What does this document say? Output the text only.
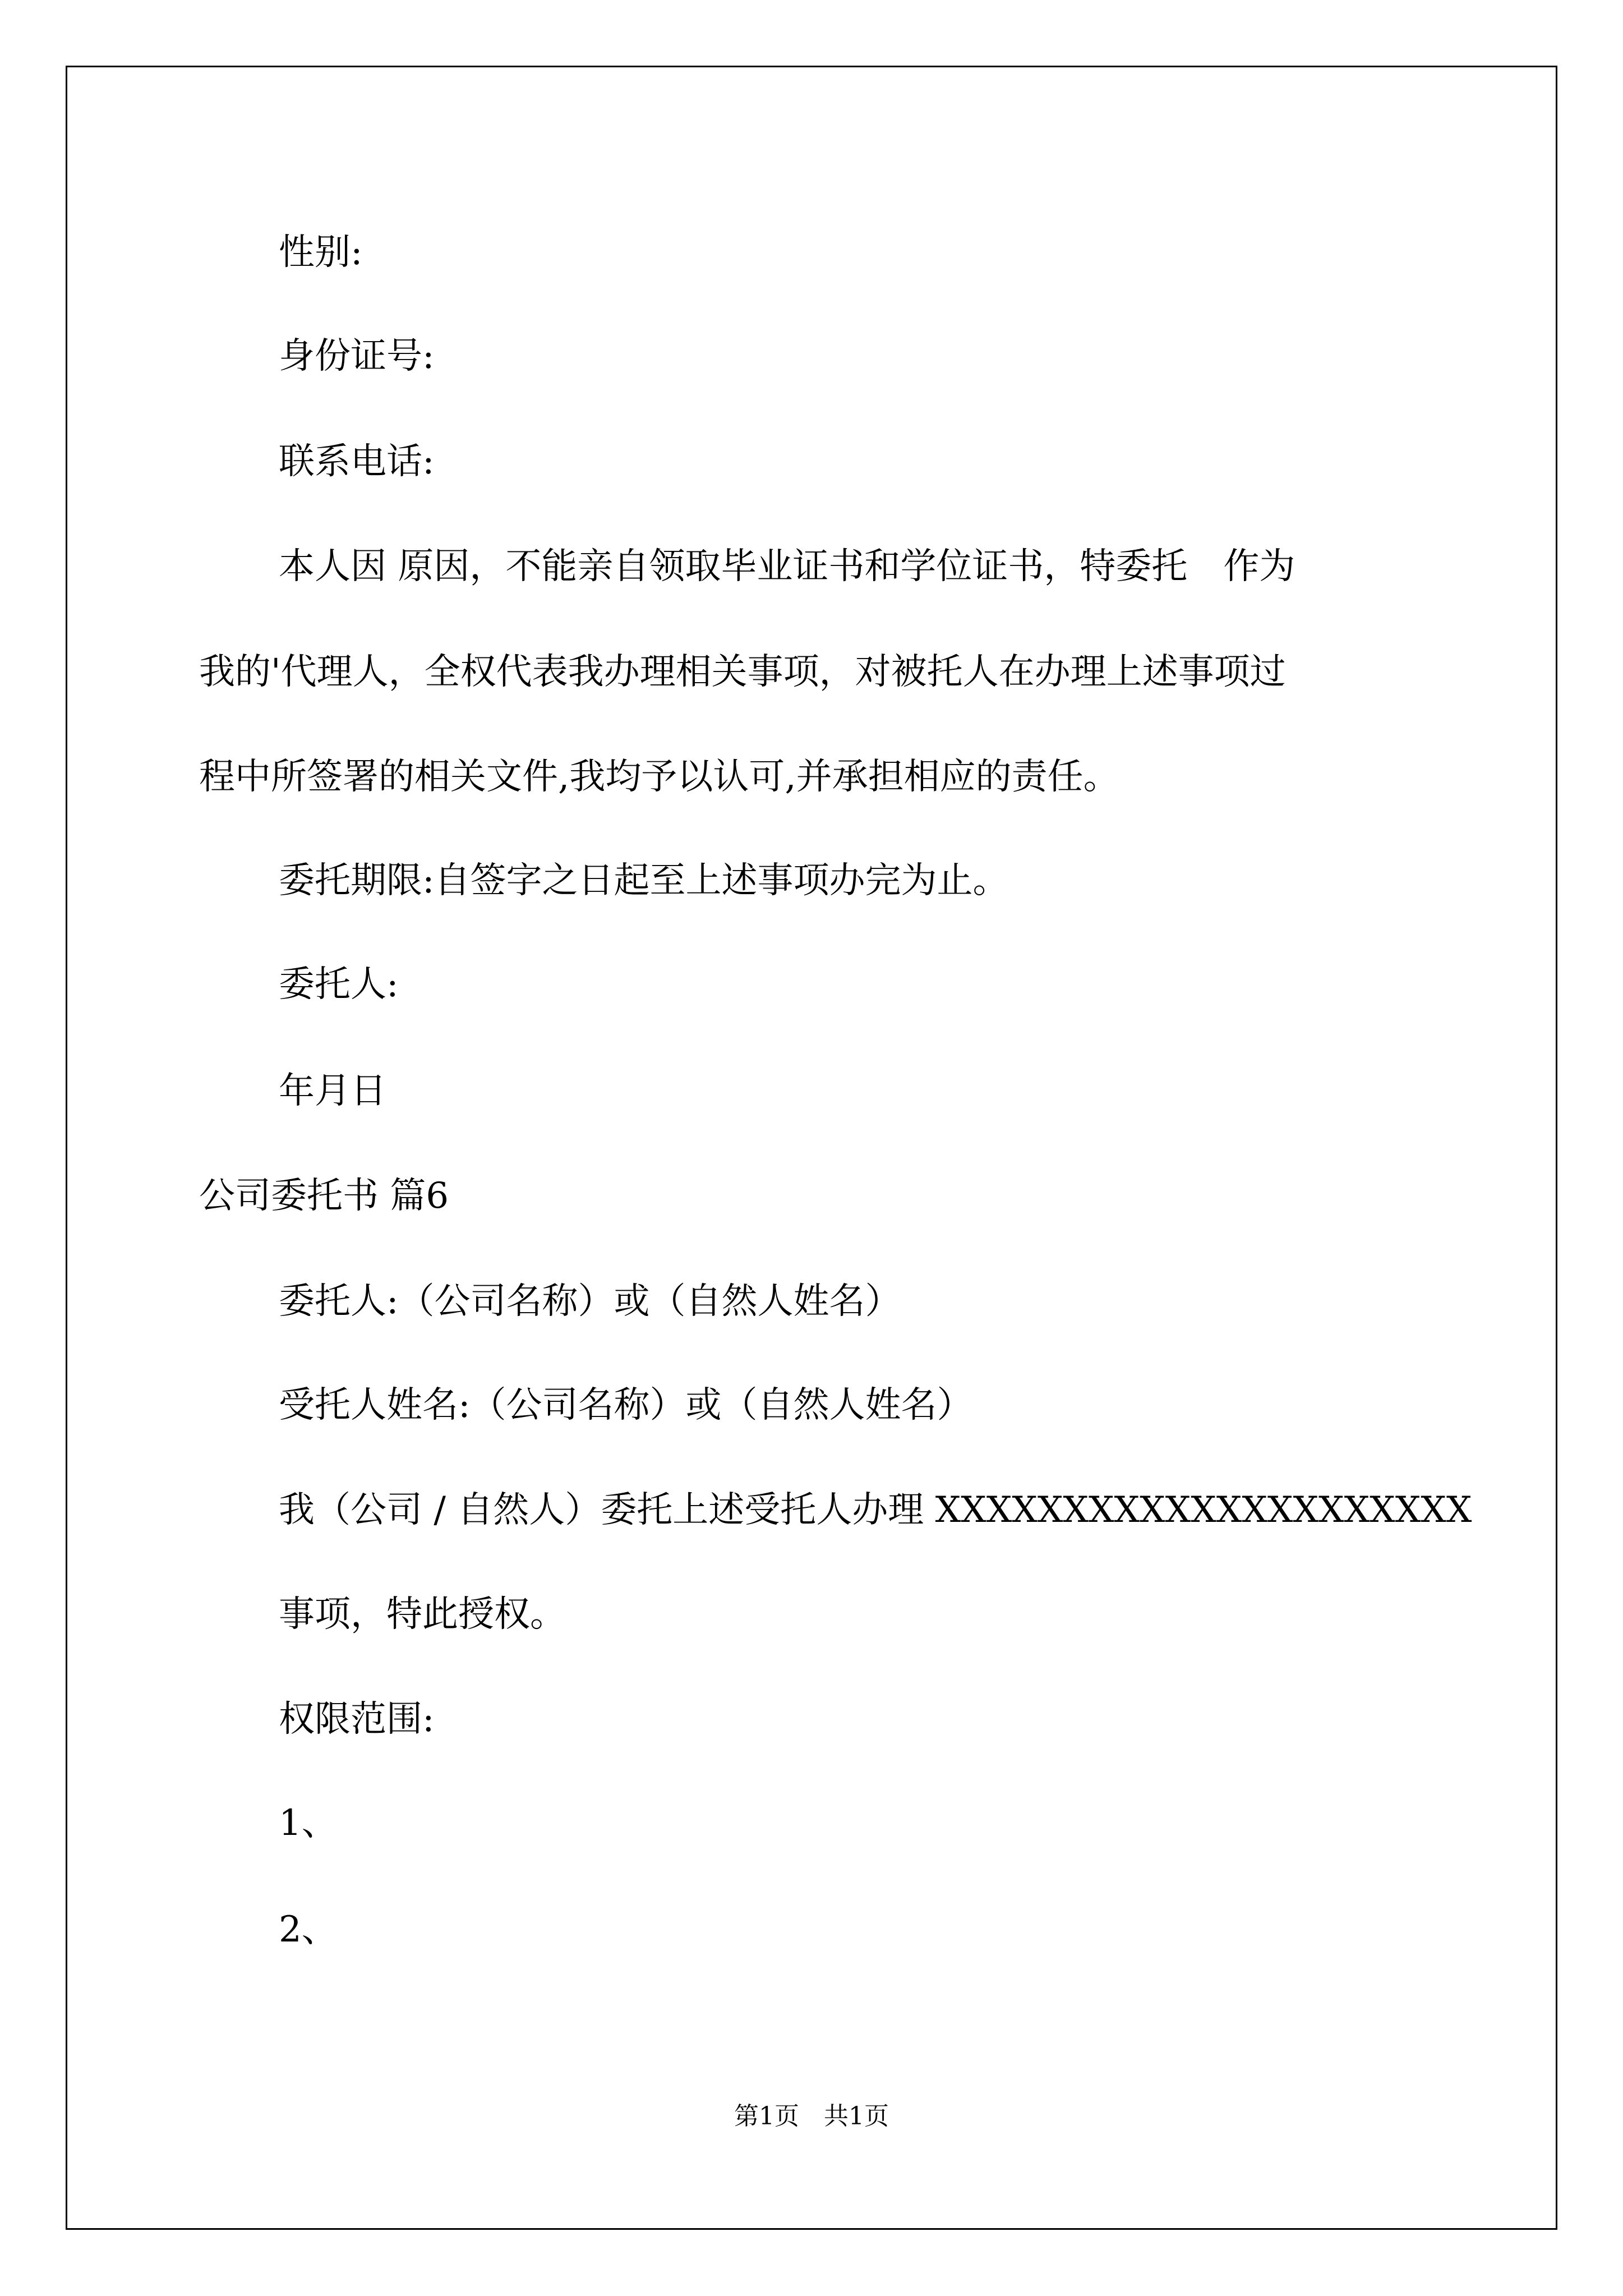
性别:
身份证号:
联系电话:
本人因 原因，不能亲自领取毕业证书和学位证书，特委托　作为
我的'代理人，全权代表我办理相关事项，对被托人在办理上述事项过
程中所签署的相关文件,我均予以认可,并承担相应的责任。
委托期限:自签字之日起至上述事项办完为止。
委托人:
年月日
公司委托书 篇6
委托人:（公司名称）或（自然人姓名）
受托人姓名:（公司名称）或（自然人姓名）
我（公司 / 自然人）委托上述受托人办理 XXXXXXXXXXXXXXXXXXXXX
事项，特此授权。
权限范围:
1、
2、
第1页　共1页
